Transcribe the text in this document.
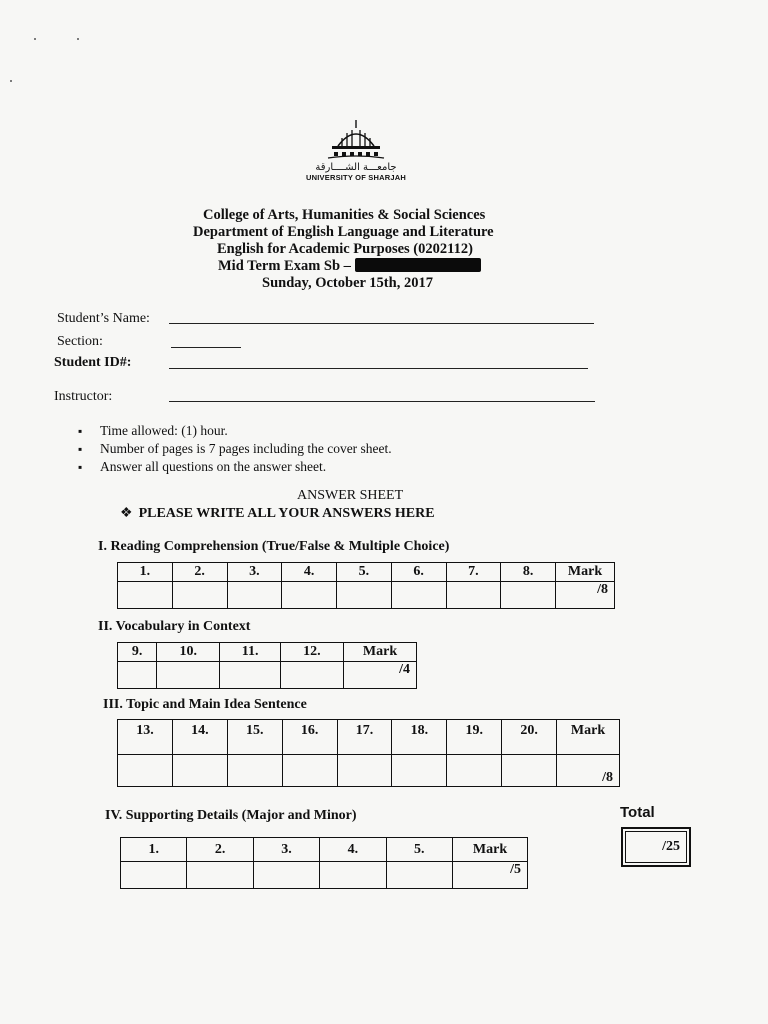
جامعـــة الشــــارقة
UNIVERSITY OF SHARJAH
College of Arts, Humanities & Social Sciences
Department of English Language and Literature
English for Academic Purposes (0202112)
Mid Term Exam Sb –
Sunday, October 15th, 2017
Student’s Name:
Section:
Student ID#:
Instructor:
▪ Time allowed: (1) hour.
▪ Number of pages is 7 pages including the cover sheet.
▪ Answer all questions on the answer sheet.
ANSWER SHEET
❖ PLEASE WRITE ALL YOUR ANSWERS HERE
I. Reading Comprehension (True/False & Multiple Choice)
1.	2.	3.	4.	5.	6.	7.	8.	Mark
								/8
II. Vocabulary in Context
9.	10.	11.	12.	Mark
				/4
III. Topic and Main Idea Sentence
13.	14.	15.	16.	17.	18.	19.	20.	Mark
								/8
IV. Supporting Details (Major and Minor)
1.	2.	3.	4.	5.	Mark
					/5
Total
/25
